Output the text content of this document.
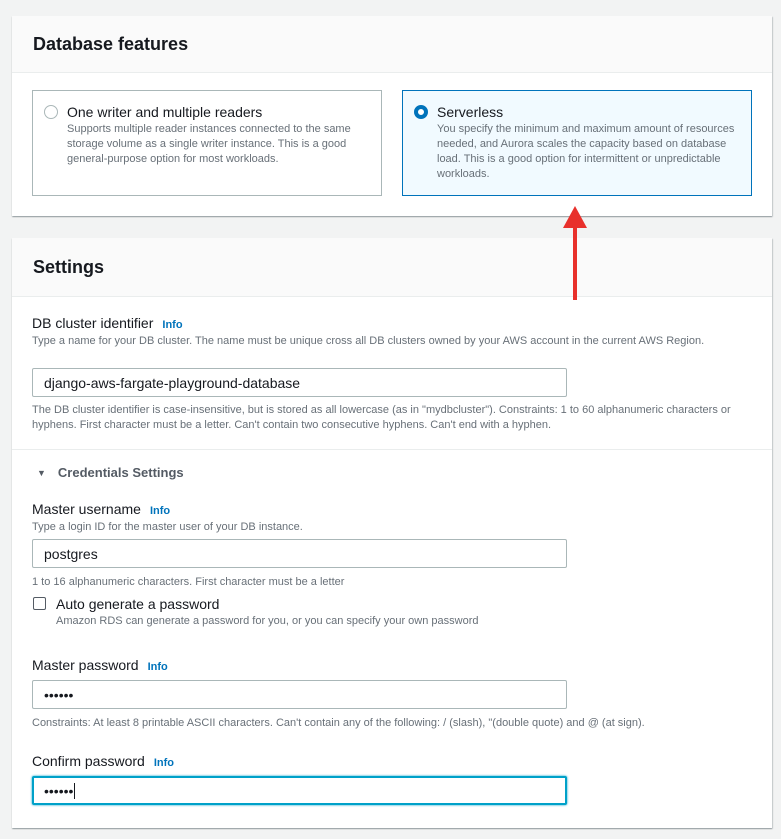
Database features
One writer and multiple readers
Supports multiple reader instances connected to the same storage volume as a single writer instance. This is a good general-purpose option for most workloads.
Serverless
You specify the minimum and maximum amount of resources needed, and Aurora scales the capacity based on database load. This is a good option for intermittent or unpredictable workloads.
Settings
DB cluster identifier Info
Type a name for your DB cluster. The name must be unique cross all DB clusters owned by your AWS account in the current AWS Region.
django-aws-fargate-playground-database
The DB cluster identifier is case-insensitive, but is stored as all lowercase (as in "mydbcluster"). Constraints: 1 to 60 alphanumeric characters or hyphens. First character must be a letter. Can't contain two consecutive hyphens. Can't end with a hyphen.
▼ Credentials Settings
Master username Info
Type a login ID for the master user of your DB instance.
postgres
1 to 16 alphanumeric characters. First character must be a letter
Auto generate a password
Amazon RDS can generate a password for you, or you can specify your own password
Master password Info
••••••
Constraints: At least 8 printable ASCII characters. Can't contain any of the following: / (slash), "(double quote) and @ (at sign).
Confirm password Info
••••••
